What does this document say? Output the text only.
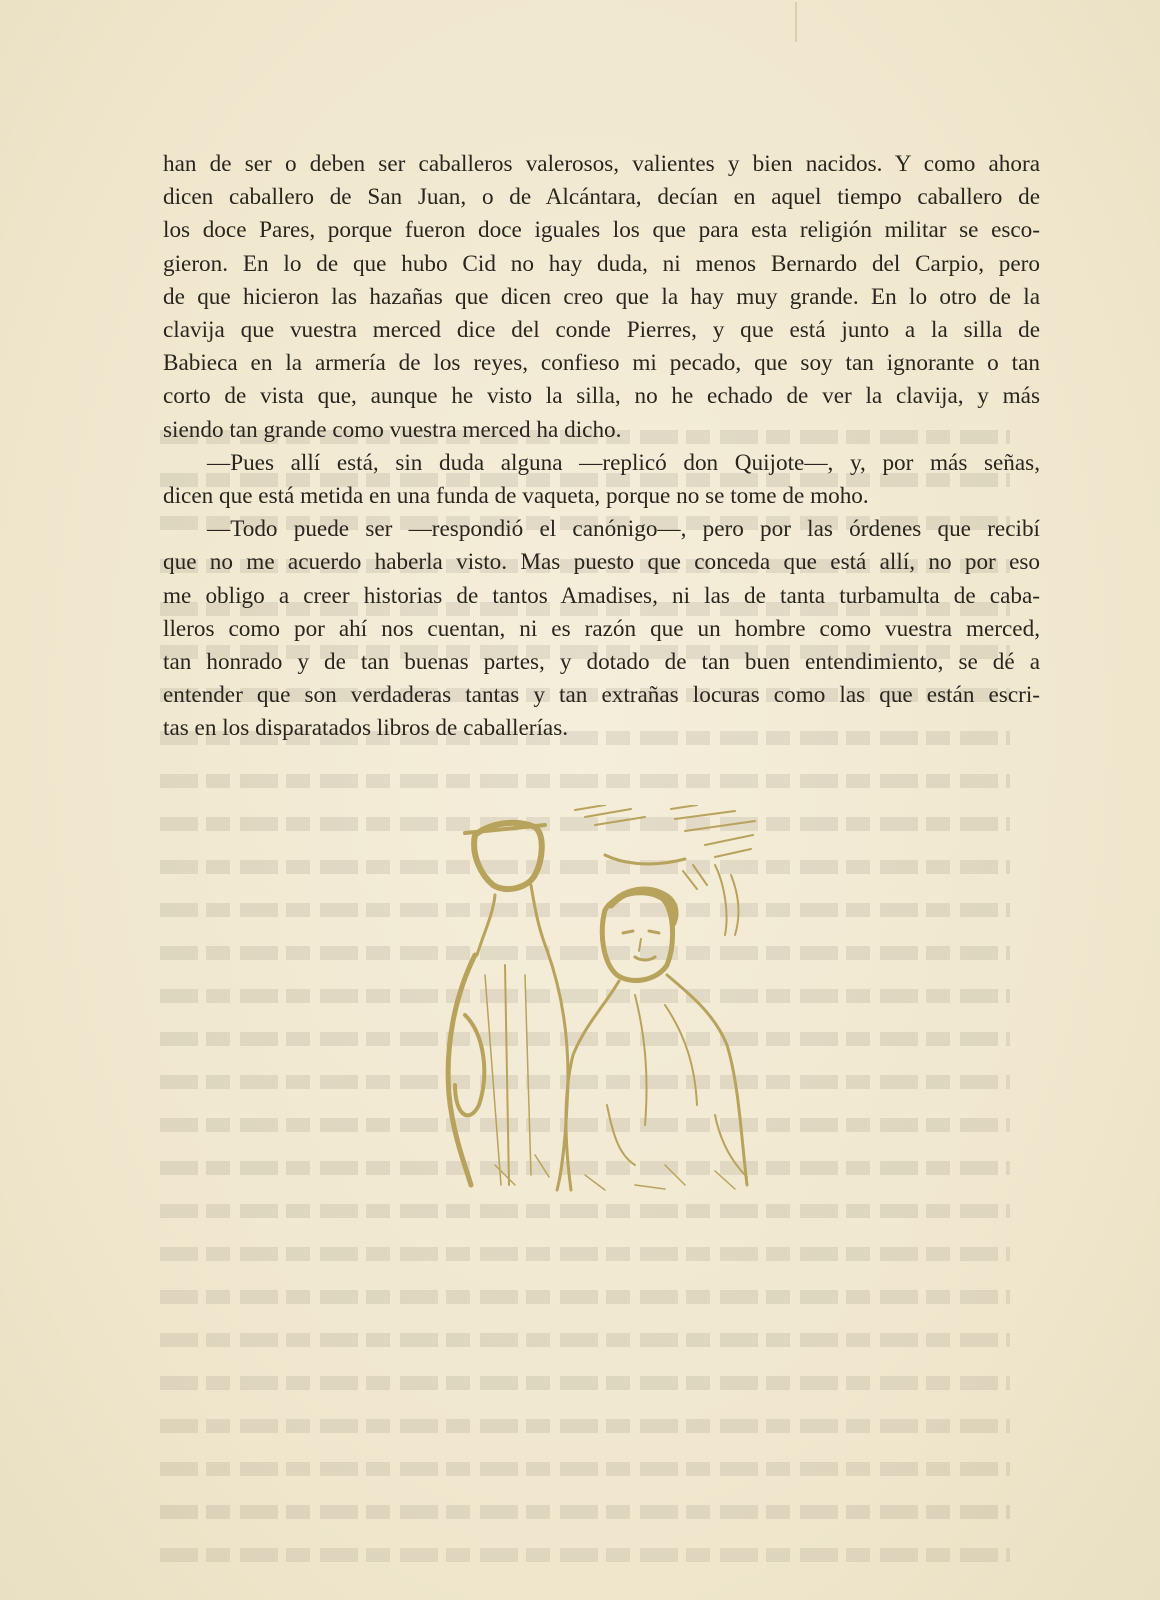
han de ser o deben ser caballeros valerosos, valientes y bien nacidos. Y como ahora
dicen caballero de San Juan, o de Alcántara, decían en aquel tiempo caballero de
los doce Pares, porque fueron doce iguales los que para esta religión militar se esco-
gieron. En lo de que hubo Cid no hay duda, ni menos Bernardo del Carpio, pero
de que hicieron las hazañas que dicen creo que la hay muy grande. En lo otro de la
clavija que vuestra merced dice del conde Pierres, y que está junto a la silla de
Babieca en la armería de los reyes, confieso mi pecado, que soy tan ignorante o tan
corto de vista que, aunque he visto la silla, no he echado de ver la clavija, y más
siendo tan grande como vuestra merced ha dicho.

—Pues allí está, sin duda alguna —replicó don Quijote—, y, por más señas,
dicen que está metida en una funda de vaqueta, porque no se tome de moho.

—Todo puede ser —respondió el canónigo—, pero por las órdenes que recibí
que no me acuerdo haberla visto. Mas puesto que conceda que está allí, no por eso
me obligo a creer historias de tantos Amadises, ni las de tanta turbamulta de caba-
lleros como por ahí nos cuentan, ni es razón que un hombre como vuestra merced,
tan honrado y de tan buenas partes, y dotado de tan buen entendimiento, se dé a
entender que son verdaderas tantas y tan extrañas locuras como las que están escri-
tas en los disparatados libros de caballerías.
